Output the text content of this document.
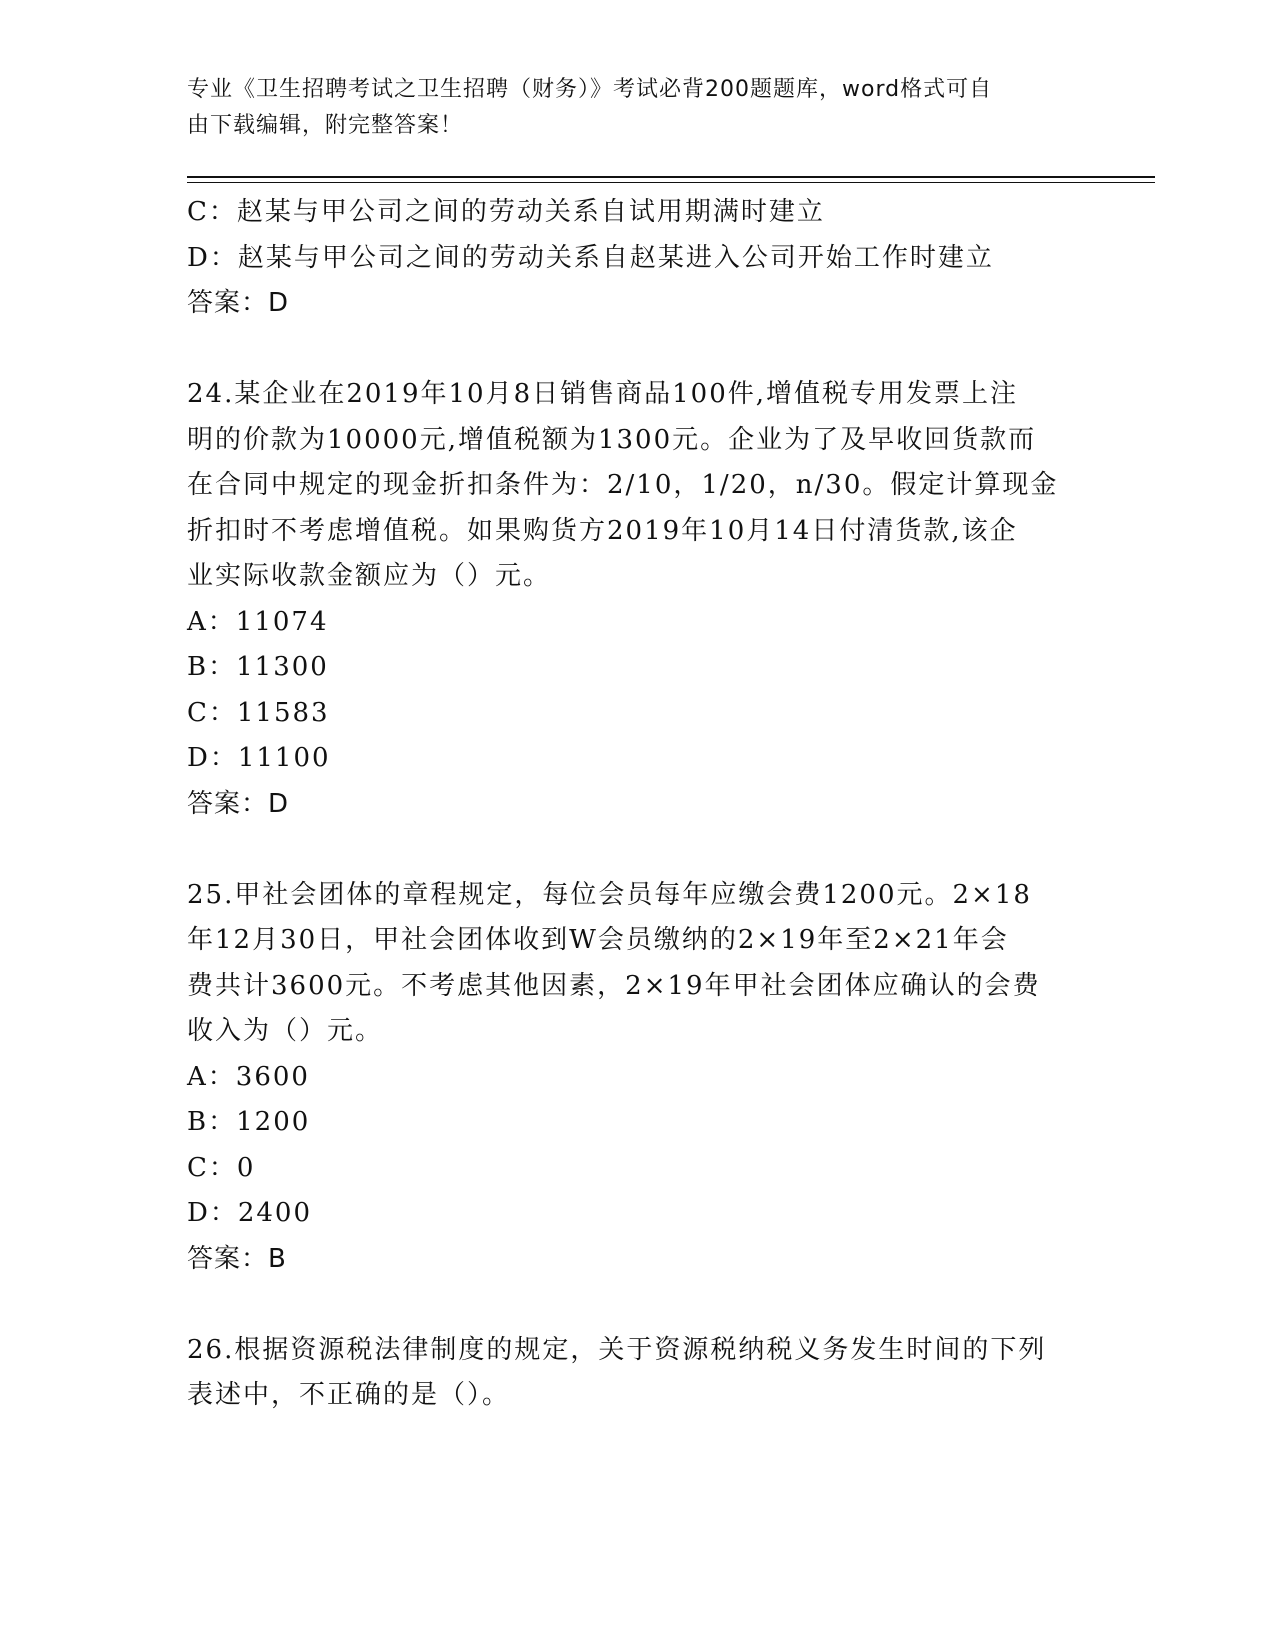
专业《卫生招聘考试之卫生招聘（财务）》考试必背200题题库，word格式可自
由下载编辑，附完整答案！
C：赵某与甲公司之间的劳动关系自试用期满时建立
D：赵某与甲公司之间的劳动关系自赵某进入公司开始工作时建立
答案：D
24.某企业在2019年10月8日销售商品100件,增值税专用发票上注
明的价款为10000元,增值税额为1300元。企业为了及早收回货款而
在合同中规定的现金折扣条件为：2/10，1/20，n/30。假定计算现金
折扣时不考虑增值税。如果购货方2019年10月14日付清货款,该企
业实际收款金额应为（）元。
A：11074
B：11300
C：11583
D：11100
答案：D
25.甲社会团体的章程规定，每位会员每年应缴会费1200元。2×18
年12月30日，甲社会团体收到W会员缴纳的2×19年至2×21年会
费共计3600元。不考虑其他因素，2×19年甲社会团体应确认的会费
收入为（）元。
A：3600
B：1200
C：0
D：2400
答案：B
26.根据资源税法律制度的规定，关于资源税纳税义务发生时间的下列
表述中，不正确的是（）。
